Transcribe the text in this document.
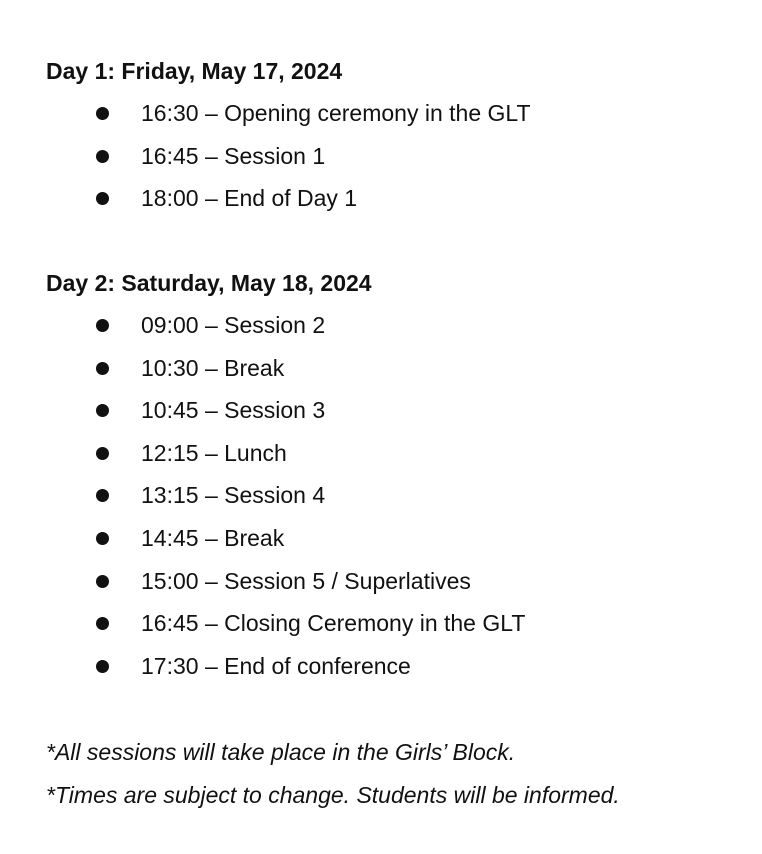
Day 1: Friday, May 17, 2024
16:30 – Opening ceremony in the GLT
16:45 – Session 1
18:00 – End of Day 1
Day 2: Saturday, May 18, 2024
09:00 – Session 2
10:30 – Break
10:45 – Session 3
12:15 – Lunch
13:15 – Session 4
14:45 – Break
15:00 – Session 5 / Superlatives
16:45 – Closing Ceremony in the GLT
17:30 – End of conference

*All sessions will take place in the Girls’ Block.

*Times are subject to change. Students will be informed.
